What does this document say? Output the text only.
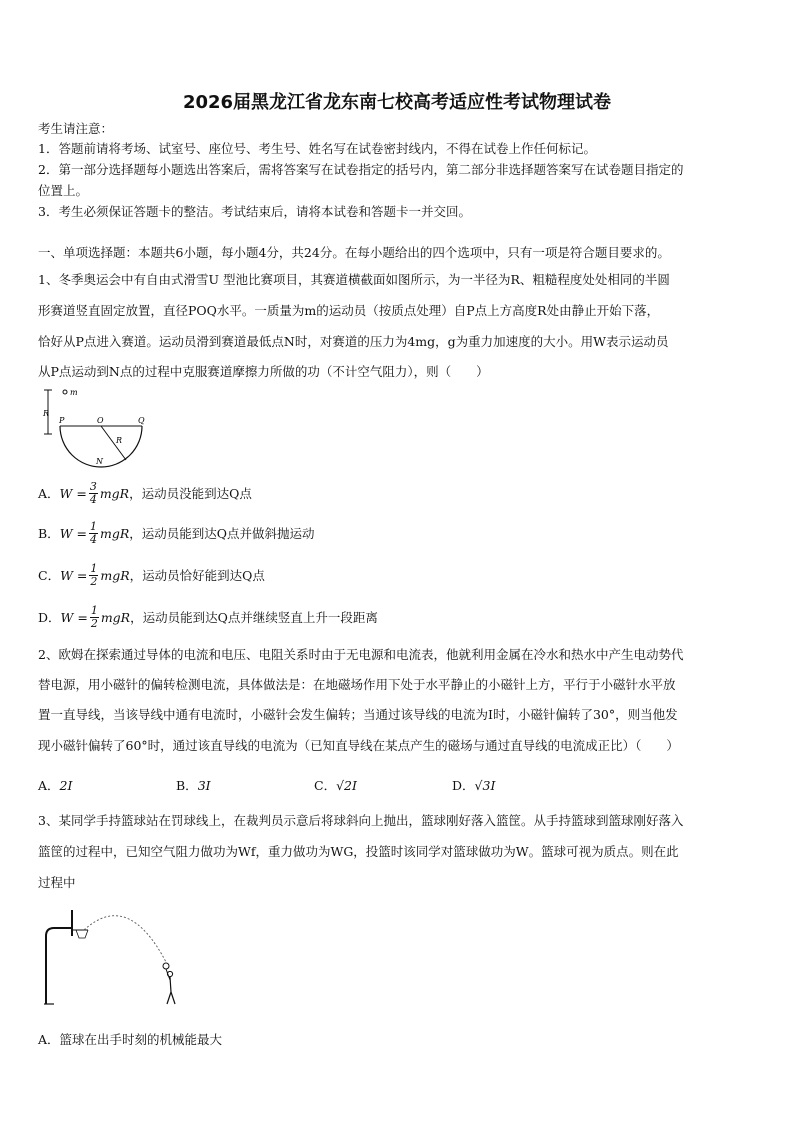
2026届黑龙江省龙东南七校高考适应性考试物理试卷
考生请注意：
1．答题前请将考场、试室号、座位号、考生号、姓名写在试卷密封线内，不得在试卷上作任何标记。
2．第一部分选择题每小题选出答案后，需将答案写在试卷指定的括号内，第二部分非选择题答案写在试卷题目指定的
位置上。
3．考生必须保证答题卡的整洁。考试结束后，请将本试卷和答题卡一并交回。
一、单项选择题：本题共6小题，每小题4分，共24分。在每小题给出的四个选项中，只有一项是符合题目要求的。
1、冬季奥运会中有自由式滑雪U 型池比赛项目，其赛道横截面如图所示，为一半径为R、粗糙程度处处相同的半圆
形赛道竖直固定放置，直径POQ水平。一质量为m的运动员（按质点处理）自P点上方高度R处由静止开始下落，
恰好从P点进入赛道。运动员滑到赛道最低点N时，对赛道的压力为4mg，g为重力加速度的大小。用W表示运动员
从P点运动到N点的过程中克服赛道摩擦力所做的功（不计空气阻力），则（　　）
m
R
P	O	Q
R
N
A． $W = \frac{3}{4}$ mgR ，运动员没能到达Q点
B． $W = \frac{1}{4}$ mgR ，运动员能到达Q点并做斜抛运动
C． $W = \frac{1}{2}$ mgR ，运动员恰好能到达Q点
D． $W = \frac{1}{2}$ mgR ，运动员能到达Q点并继续竖直上升一段距离
2、欧姆在探索通过导体的电流和电压、电阻关系时由于无电源和电流表，他就利用金属在冷水和热水中产生电动势代
替电源，用小磁针的偏转检测电流，具体做法是：在地磁场作用下处于水平静止的小磁针上方，平行于小磁针水平放
置一直导线，当该导线中通有电流时，小磁针会发生偏转；当通过该导线的电流为I时，小磁针偏转了30°，则当他发
现小磁针偏转了60°时，通过该直导线的电流为（已知直导线在某点产生的磁场与通过直导线的电流成正比）（　　）
A．2I	B．3I	C．√2I	D．√3I
3、某同学手持篮球站在罚球线上，在裁判员示意后将球斜向上抛出，篮球刚好落入篮筐。从手持篮球到篮球刚好落入
篮筐的过程中，已知空气阻力做功为Wf，重力做功为WG，投篮时该同学对篮球做功为W。篮球可视为质点。则在此
过程中
A． 篮球在出手时刻的机械能最大
